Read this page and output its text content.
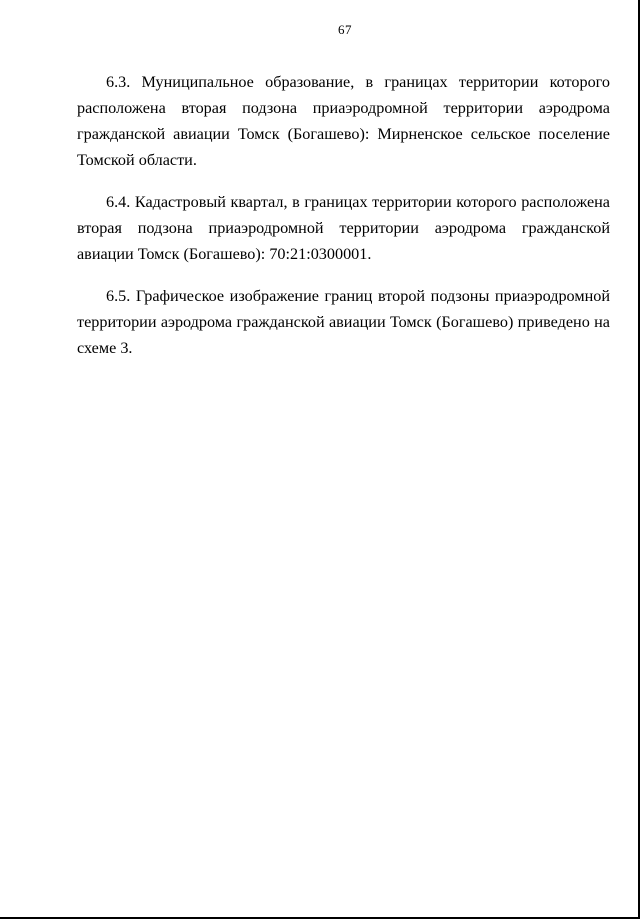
67

6.3. Муниципальное образование, в границах территории которого расположена вторая подзона приаэродромной территории аэродрома гражданской авиации Томск (Богашево): Мирненское сельское поселение Томской области.

6.4. Кадастровый квартал, в границах территории которого расположена вторая подзона приаэродромной территории аэродрома гражданской авиации Томск (Богашево): 70:21:0300001.

6.5. Графическое изображение границ второй подзоны приаэродромной территории аэродрома гражданской авиации Томск (Богашево) приведено на схеме 3.
